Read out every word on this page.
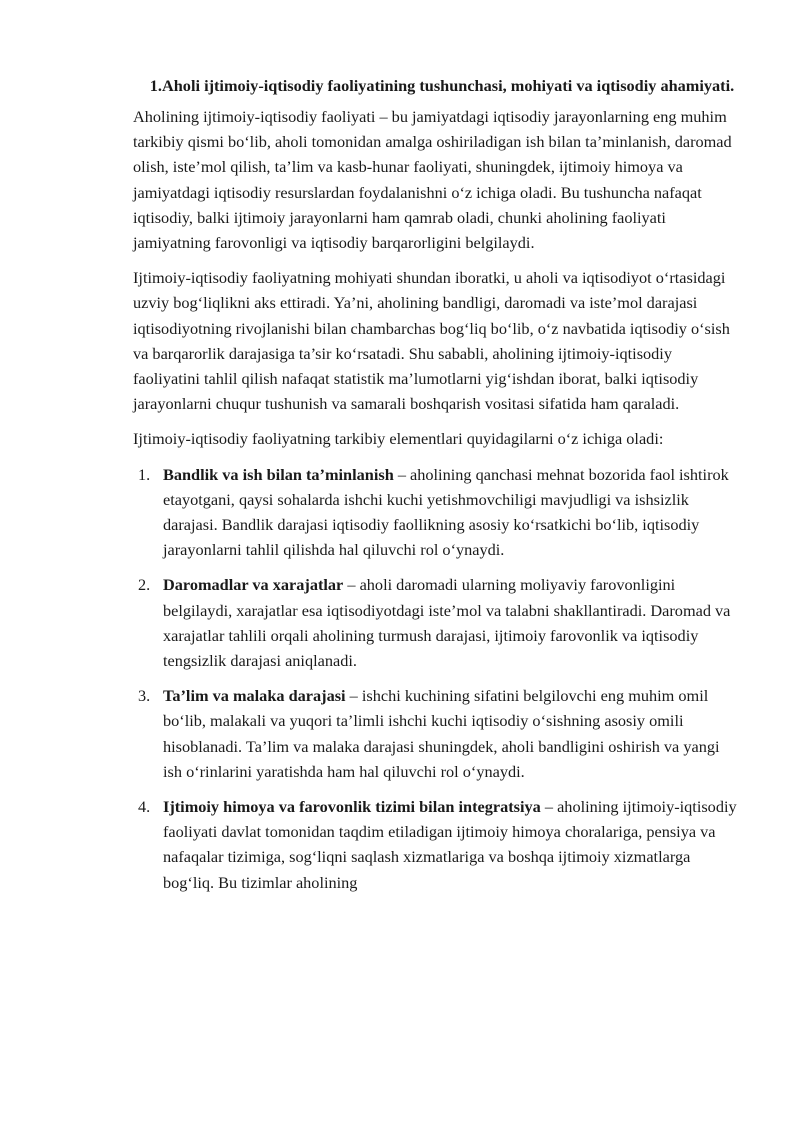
1.Aholi ijtimoiy-iqtisodiy faoliyatining tushunchasi, mohiyati va iqtisodiy ahamiyati.

Aholining ijtimoiy-iqtisodiy faoliyati – bu jamiyatdagi iqtisodiy jarayonlarning eng muhim tarkibiy qismi bo‘lib, aholi tomonidan amalga oshiriladigan ish bilan ta’minlanish, daromad olish, iste’mol qilish, ta’lim va kasb-hunar faoliyati, shuningdek, ijtimoiy himoya va jamiyatdagi iqtisodiy resurslardan foydalanishni o‘z ichiga oladi. Bu tushuncha nafaqat iqtisodiy, balki ijtimoiy jarayonlarni ham qamrab oladi, chunki aholining faoliyati jamiyatning farovonligi va iqtisodiy barqarorligini belgilaydi.

Ijtimoiy-iqtisodiy faoliyatning mohiyati shundan iboratki, u aholi va iqtisodiyot o‘rtasidagi uzviy bog‘liqlikni aks ettiradi. Ya’ni, aholining bandligi, daromadi va iste’mol darajasi iqtisodiyotning rivojlanishi bilan chambarchas bog‘liq bo‘lib, o‘z navbatida iqtisodiy o‘sish va barqarorlik darajasiga ta’sir ko‘rsatadi. Shu sababli, aholining ijtimoiy-iqtisodiy faoliyatini tahlil qilish nafaqat statistik ma’lumotlarni yig‘ishdan iborat, balki iqtisodiy jarayonlarni chuqur tushunish va samarali boshqarish vositasi sifatida ham qaraladi.

Ijtimoiy-iqtisodiy faoliyatning tarkibiy elementlari quyidagilarni o‘z ichiga oladi:

1. Bandlik va ish bilan ta’minlanish – aholining qanchasi mehnat bozorida faol ishtirok etayotgani, qaysi sohalarda ishchi kuchi yetishmovchiligi mavjudligi va ishsizlik darajasi. Bandlik darajasi iqtisodiy faollikning asosiy ko‘rsatkichi bo‘lib, iqtisodiy jarayonlarni tahlil qilishda hal qiluvchi rol o‘ynaydi.
2. Daromadlar va xarajatlar – aholi daromadi ularning moliyaviy farovonligini belgilaydi, xarajatlar esa iqtisodiyotdagi iste’mol va talabni shakllantiradi. Daromad va xarajatlar tahlili orqali aholining turmush darajasi, ijtimoiy farovonlik va iqtisodiy tengsizlik darajasi aniqlanadi.
3. Ta’lim va malaka darajasi – ishchi kuchining sifatini belgilovchi eng muhim omil bo‘lib, malakali va yuqori ta’limli ishchi kuchi iqtisodiy o‘sishning asosiy omili hisoblanadi. Ta’lim va malaka darajasi shuningdek, aholi bandligini oshirish va yangi ish o‘rinlarini yaratishda ham hal qiluvchi rol o‘ynaydi.
4. Ijtimoiy himoya va farovonlik tizimi bilan integratsiya – aholining ijtimoiy-iqtisodiy faoliyati davlat tomonidan taqdim etiladigan ijtimoiy himoya choralariga, pensiya va nafaqalar tizimiga, sog‘liqni saqlash xizmatlariga va boshqa ijtimoiy xizmatlarga bog‘liq. Bu tizimlar aholining
